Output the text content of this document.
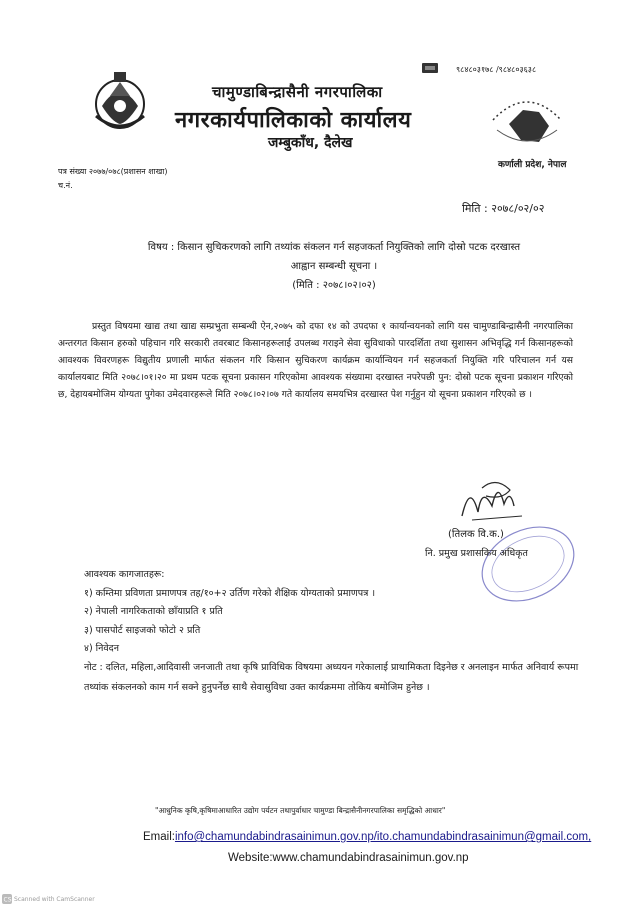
चामुण्डाबिन्द्रासैनी नगरपालिका
नगरकार्यपालिकाको कार्यालय
जम्बुकाँध, दैलेख
९८४८०३१७८ /९८४८०३६३८
कर्णाली प्रदेश, नेपाल
पत्र संख्या २०७७/०७८(प्रशासन शाखा)
च.नं.
मिति : २०७८/०२/०२
विषय : किसान सुचिकरणको लागि तथ्यांक संकलन गर्न सहजकर्ता नियुक्तिको लागि दोस्रो पटक दरखास्त
आह्वान सम्बन्धी सूचना ।
(मिति : २०७८।०२।०२)
प्रस्तुत विषयमा खाद्य तथा खाद्य सम्प्रभुता सम्बन्धी ऐन,२०७५ को दफा १४ को उपदफा १ कार्यान्वयनको लागि यस चामुण्डाबिन्द्रासैनी नगरपालिका अन्तरगत किसान हरुको पहिचान गरि सरकारी तवरबाट किसानहरूलाई उपलब्ध गराइने सेवा सुविधाको पारदर्शिता तथा सुशासन अभिवृद्धि गर्न किसानहरूको आवश्यक विवरणहरू विद्युतीय प्रणाली मार्फत संकलन गरि किसान सुचिकरण कार्यक्रम कार्यान्वियन गर्न सहजकर्ता नियुक्ति गरि परिचालन गर्न यस कार्यालयबाट मिति २०७८।०१।२० मा प्रथम पटक सूचना प्रकासन गरिएकोमा आवश्यक संख्यामा दरखास्त नपरेपछी पुन: दोस्रो पटक सूचना प्रकाशन गरिएको छ, देहायबमोजिम योग्यता पुगेका उमेदवारहरूले मिति २०७८।०२।०७ गते कार्यालय समयभित्र दरखास्त पेश गर्नुहुन यो सूचना प्रकाशन गरिएको छ ।
(तिलक वि.क.)
नि. प्रमुख प्रशासकिय अधिकृत
आवश्यक कागजातहरू:
१) कम्तिमा प्रविणता प्रमाणपत्र तह/१०+२ उर्तिण गरेको शैक्षिक योग्यताको प्रमाणपत्र ।
२) नेपाली नागरिकताको छाँयाप्रति १ प्रति
३) पासपोर्ट साइजको फोटो २ प्रति
४) निवेदन
नोट : दलित, महिला,आदिवासी जनजाती तथा कृषि प्राविधिक विषयमा अध्ययन गरेकालाई प्राथामिकता दिइनेछ र अनलाइन मार्फत अनिवार्य रूपमा तथ्यांक संकलनको काम गर्न सक्ने हुनुपर्नेछ साथै सेवासुविधा उक्त कार्यक्रममा तोकिय बमोजिम हुनेछ ।
"आधुनिक कृषि,कृषिमाआधारित उद्योग पर्यटन तथापुर्वाधार चामुण्डा बिन्द्रासैनीनगरपालिका समृद्धिको आधार"
Email:info@chamundabindrasainimun.gov.np/ito.chamundabindrasainimun@gmail.com,
Website:www.chamundabindrasainimun.gov.np
CS Scanned with CamScanner
